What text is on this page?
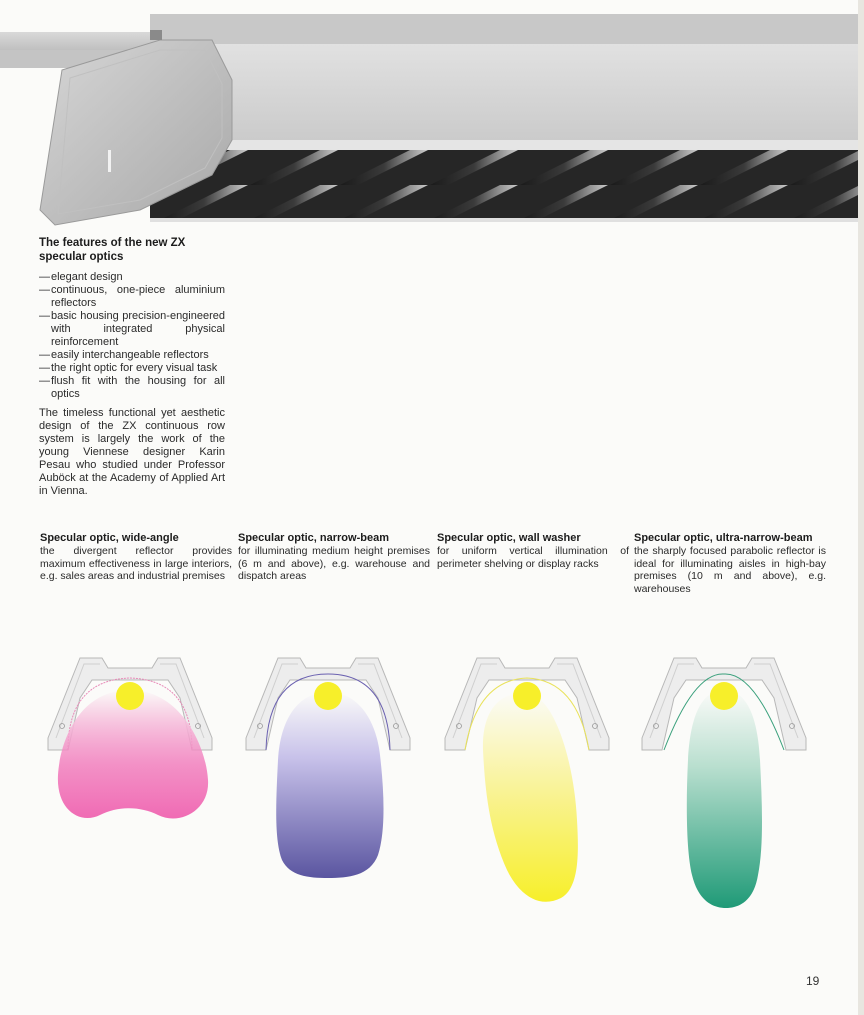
The features of the new ZX
specular optics
— elegant design
— continuous, one-piece aluminium reflectors
— basic housing precision-engineered with integrated physical reinforcement
— easily interchangeable reflectors
— the right optic for every visual task
— flush fit with the housing for all optics

The timeless functional yet aesthetic design of the ZX continuous row system is largely the work of the young Viennese designer Karin Pesau who studied under Professor Auböck at the Academy of Applied Art in Vienna.

Specular optic, wide-angle

the divergent reflector provides maximum effectiveness in large interiors, e.g. sales areas and industrial premises

Specular optic, narrow-beam

for illuminating medium height premises (6 m and above), e.g. warehouse and dispatch areas

Specular optic, wall washer

for uniform vertical illumination of perimeter shelving or display racks

Specular optic, ultra-narrow-beam

the sharply focused parabolic reflector is ideal for illuminating aisles in high-bay premises (10 m and above), e.g. warehouses

19
